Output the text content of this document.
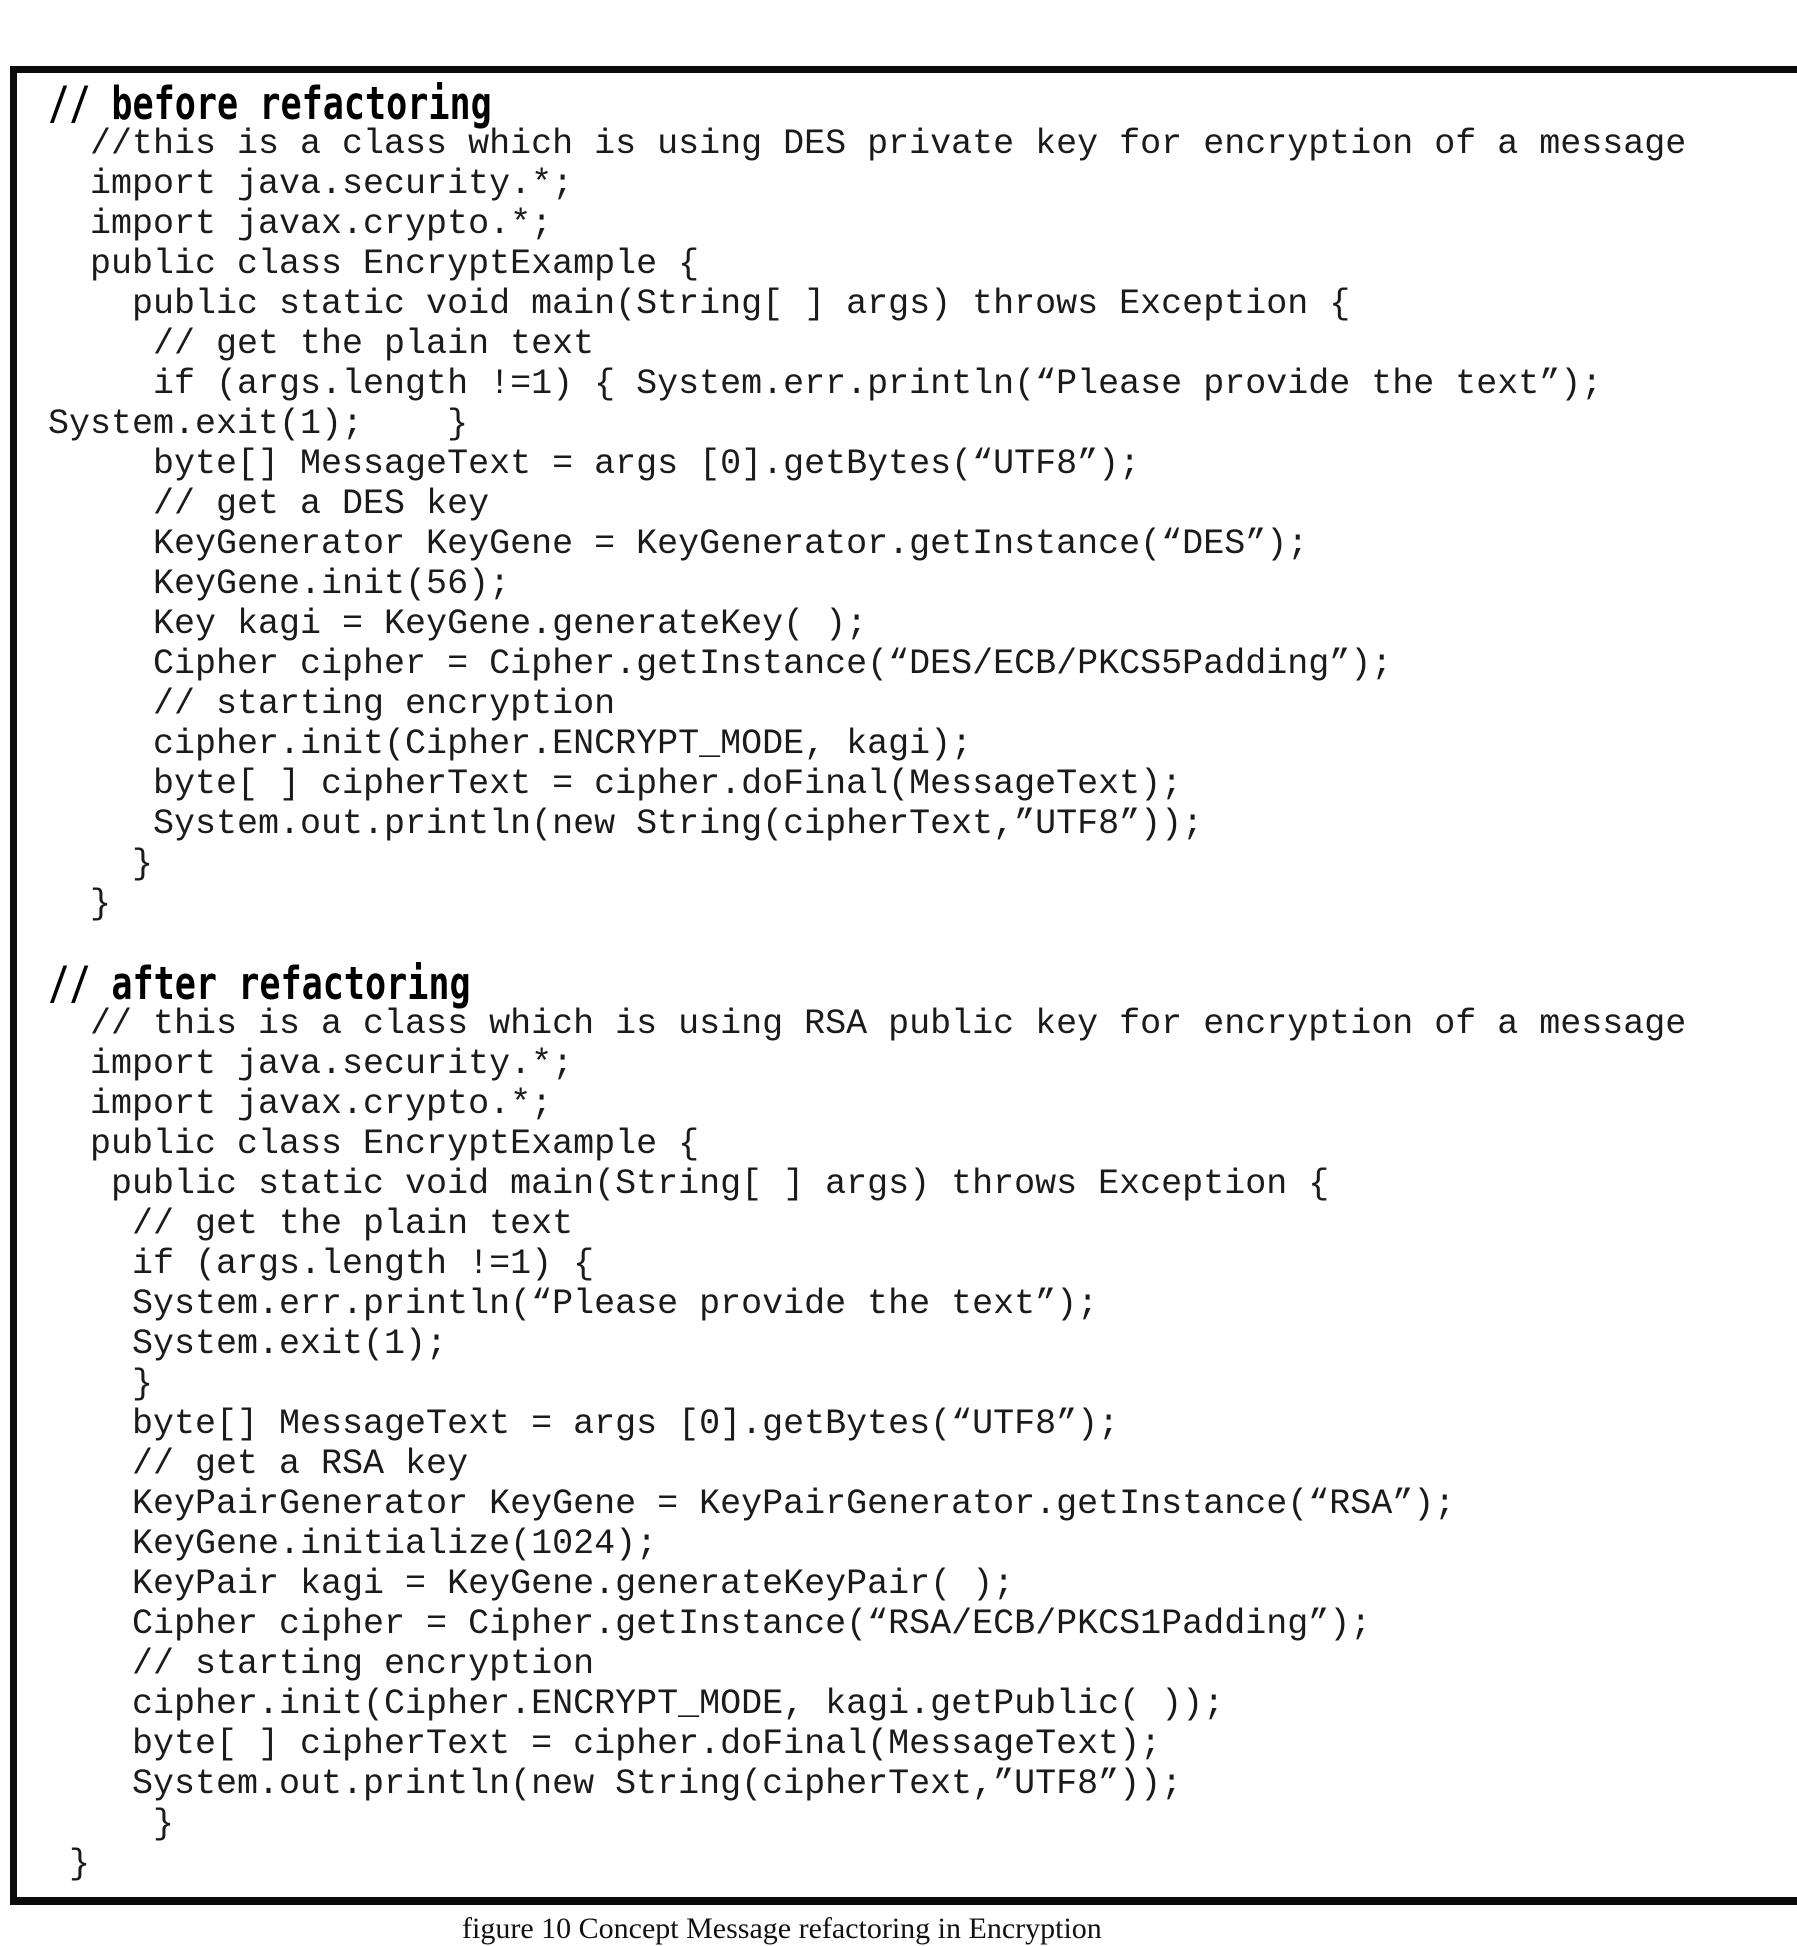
// before refactoring
//this is a class which is using DES private key for encryption of a message
import java.security.*;
import javax.crypto.*;
public class EncryptExample {
public static void main(String[ ] args) throws Exception {
// get the plain text
if (args.length !=1) { System.err.println(“Please provide the text”);
System.exit(1);    }
byte[] MessageText = args [0].getBytes(“UTF8”);
// get a DES key
KeyGenerator KeyGene = KeyGenerator.getInstance(“DES”);
KeyGene.init(56);
Key kagi = KeyGene.generateKey( );
Cipher cipher = Cipher.getInstance(“DES/ECB/PKCS5Padding”);
// starting encryption
cipher.init(Cipher.ENCRYPT_MODE, kagi);
byte[ ] cipherText = cipher.doFinal(MessageText);
System.out.println(new String(cipherText,”UTF8”));
}
}
// after refactoring
// this is a class which is using RSA public key for encryption of a message
import java.security.*;
import javax.crypto.*;
public class EncryptExample {
public static void main(String[ ] args) throws Exception {
// get the plain text
if (args.length !=1) {
System.err.println(“Please provide the text”);
System.exit(1);
}
byte[] MessageText = args [0].getBytes(“UTF8”);
// get a RSA key
KeyPairGenerator KeyGene = KeyPairGenerator.getInstance(“RSA”);
KeyGene.initialize(1024);
KeyPair kagi = KeyGene.generateKeyPair( );
Cipher cipher = Cipher.getInstance(“RSA/ECB/PKCS1Padding”);
// starting encryption
cipher.init(Cipher.ENCRYPT_MODE, kagi.getPublic( ));
byte[ ] cipherText = cipher.doFinal(MessageText);
System.out.println(new String(cipherText,”UTF8”));
}
}
figure 10 Concept Message refactoring in Encryption
